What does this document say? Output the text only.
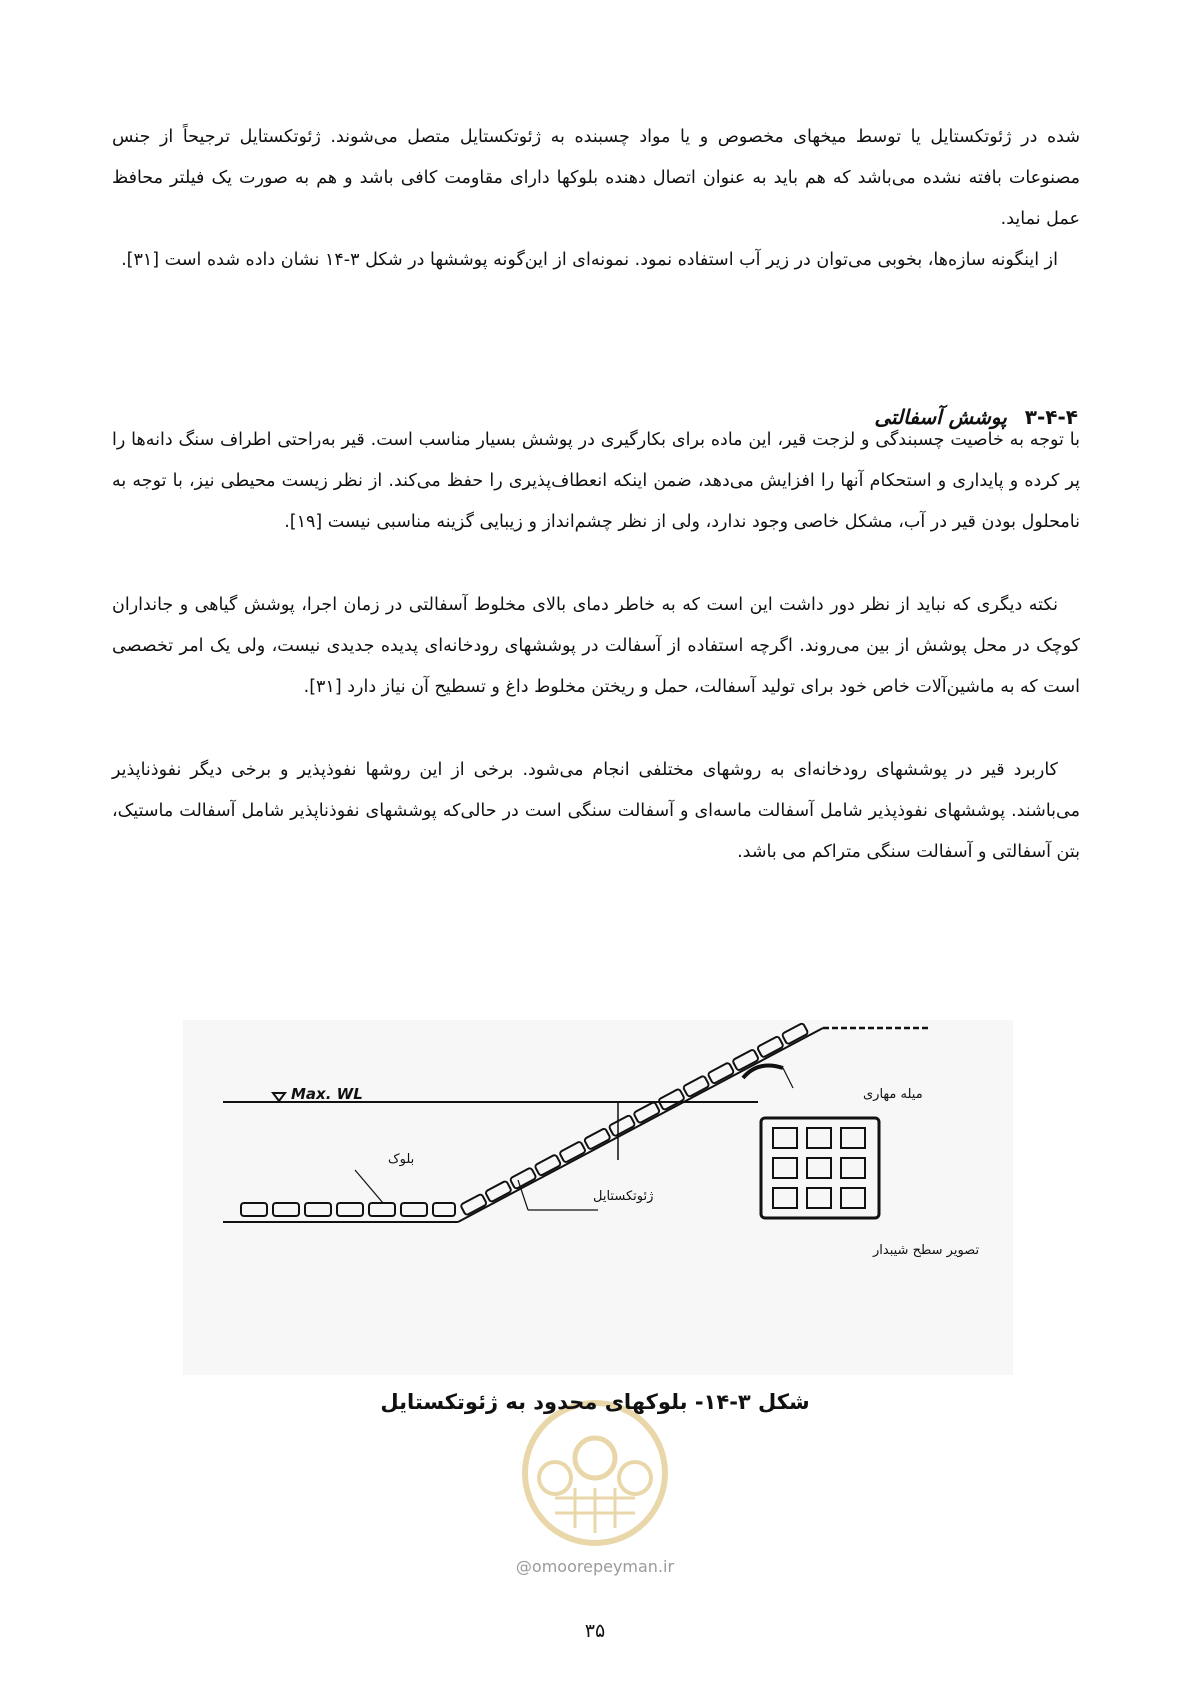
شده در ژئوتکستایل یا توسط میخهای مخصوص و یا مواد چسبنده به ژئوتکستایل متصل می‌شوند. ژئوتکستایل ترجیحاً از جنس مصنوعات بافته نشده می‌باشد که هم باید به عنوان اتصال دهنده بلوکها دارای مقاومت کافی باشد و هم به صورت یک فیلتر محافظ عمل نماید.

از اینگونه سازه‌ها، بخوبی می‌توان در زیر آب استفاده نمود. نمونه‌ای از این‌گونه پوششها در شکل ۳-۱۴ نشان داده شده است [۳۱].

۳-۴-۴پوشش آسفالتی

با توجه به خاصیت چسبندگی و لزجت قیر، این ماده برای بکارگیری در پوشش بسیار مناسب است. قیر به‌راحتی اطراف سنگ دانه‌ها را پر کرده و پایداری و استحکام آنها را افزایش می‌دهد، ضمن اینکه انعطاف‌پذیری را حفظ می‌کند. از نظر زیست محیطی نیز، با توجه به نامحلول بودن قیر در آب، مشکل خاصی وجود ندارد، ولی از نظر چشم‌انداز و زیبایی گزینه مناسبی نیست [۱۹].

نکته دیگری که نباید از نظر دور داشت این است که به خاطر دمای بالای مخلوط آسفالتی در زمان اجرا، پوشش گیاهی و جانداران کوچک در محل پوشش از بین می‌روند. اگرچه استفاده از آسفالت در پوششهای رودخانه‌ای پدیده جدیدی نیست، ولی یک امر تخصصی است که به ماشین‌آلات خاص خود برای تولید آسفالت، حمل و ریختن مخلوط داغ و تسطیح آن نیاز دارد [۳۱].

کاربرد قیر در پوششهای رودخانه‌ای به روشهای مختلفی انجام می‌شود. برخی از این روشها نفوذپذیر و برخی دیگر نفوذناپذیر می‌باشند. پوششهای نفوذپذیر شامل آسفالت ماسه‌ای و آسفالت سنگی است در حالی‌که پوششهای نفوذناپذیر شامل آسفالت ماستیک، بتن آسفالتی و آسفالت سنگی متراکم می باشد.

Max. WL	میله مهاری
بلوک
ژئوتکستایل
تصویر سطح شیبدار
شکل ۳-۱۴- بلوکهای محدود به ژئوتکستایل
@omoorepeyman.ir
۳۵
